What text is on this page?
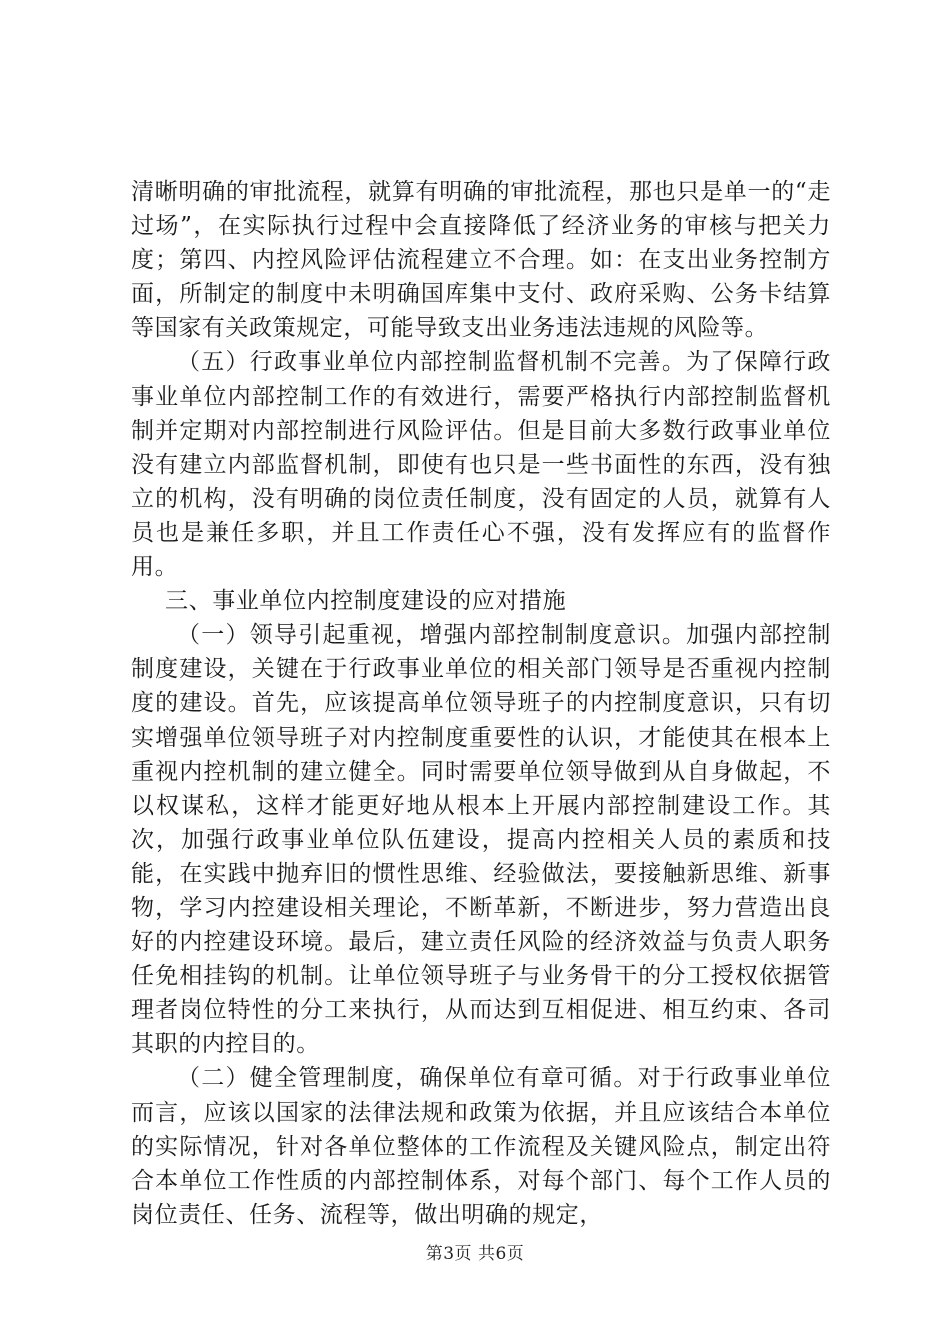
清晰明确的审批流程，就算有明确的审批流程，那也只是单一的“走过场”，在实际执行过程中会直接降低了经济业务的审核与把关力度；第四、内控风险评估流程建立不合理。如：在支出业务控制方面，所制定的制度中未明确国库集中支付、政府采购、公务卡结算等国家有关政策规定，可能导致支出业务违法违规的风险等。

（五）行政事业单位内部控制监督机制不完善。为了保障行政事业单位内部控制工作的有效进行，需要严格执行内部控制监督机制并定期对内部控制进行风险评估。但是目前大多数行政事业单位没有建立内部监督机制，即使有也只是一些书面性的东西，没有独立的机构，没有明确的岗位责任制度，没有固定的人员，就算有人员也是兼任多职，并且工作责任心不强，没有发挥应有的监督作用。

三、事业单位内控制度建设的应对措施

（一）领导引起重视，增强内部控制制度意识。加强内部控制制度建设，关键在于行政事业单位的相关部门领导是否重视内控制度的建设。首先，应该提高单位领导班子的内控制度意识，只有切实增强单位领导班子对内控制度重要性的认识，才能使其在根本上重视内控机制的建立健全。同时需要单位领导做到从自身做起，不以权谋私，这样才能更好地从根本上开展内部控制建设工作。其次，加强行政事业单位队伍建设，提高内控相关人员的素质和技能，在实践中抛弃旧的惯性思维、经验做法，要接触新思维、新事物，学习内控建设相关理论，不断革新，不断进步，努力营造出良好的内控建设环境。最后，建立责任风险的经济效益与负责人职务任免相挂钩的机制。让单位领导班子与业务骨干的分工授权依据管理者岗位特性的分工来执行，从而达到互相促进、相互约束、各司其职的内控目的。

（二）健全管理制度，确保单位有章可循。对于行政事业单位而言，应该以国家的法律法规和政策为依据，并且应该结合本单位的实际情况，针对各单位整体的工作流程及关键风险点，制定出符合本单位工作性质的内部控制体系，对每个部门、每个工作人员的岗位责任、任务、流程等，做出明确的规定，

第3页 共6页
